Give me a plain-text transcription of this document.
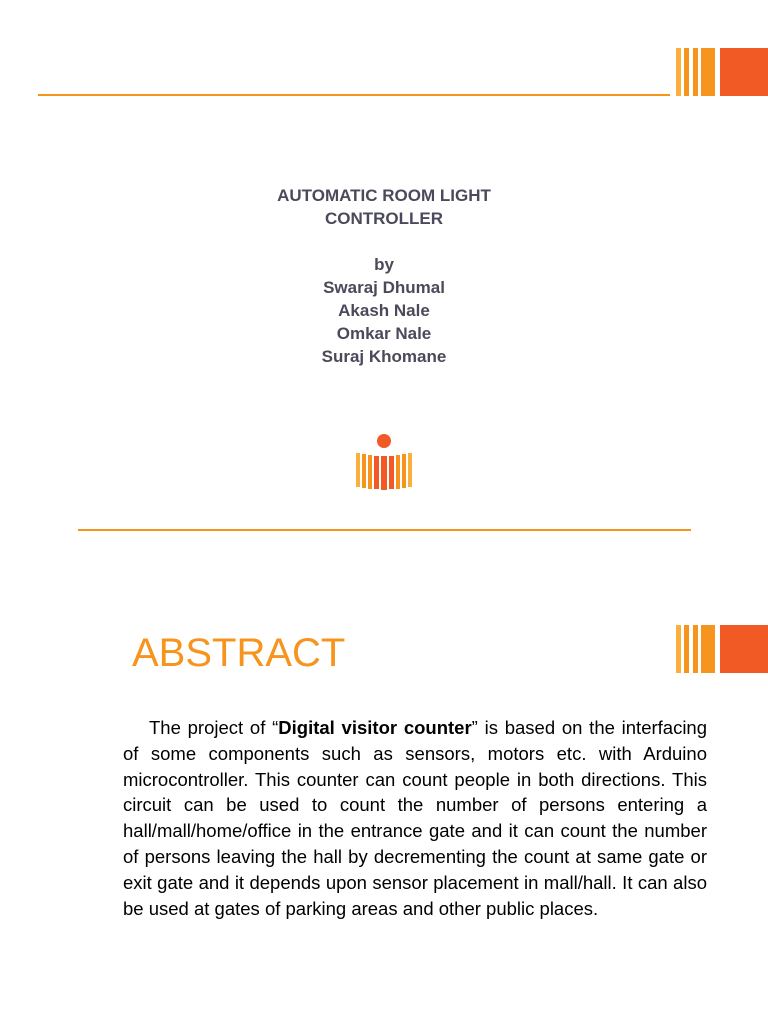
AUTOMATIC ROOM LIGHT
CONTROLLER
by
Swaraj Dhumal
Akash Nale
Omkar Nale
Suraj Khomane
ABSTRACT
The project of “Digital visitor counter” is based on the interfacing of some components such as sensors, motors etc. with Arduino microcontroller. This counter can count people in both directions. This circuit can be used to count the number of persons entering a hall/mall/home/office in the entrance gate and it can count the number of persons leaving the hall by decrementing the count at same gate or exit gate and it depends upon sensor placement in mall/hall. It can also be used at gates of parking areas and other public places.
